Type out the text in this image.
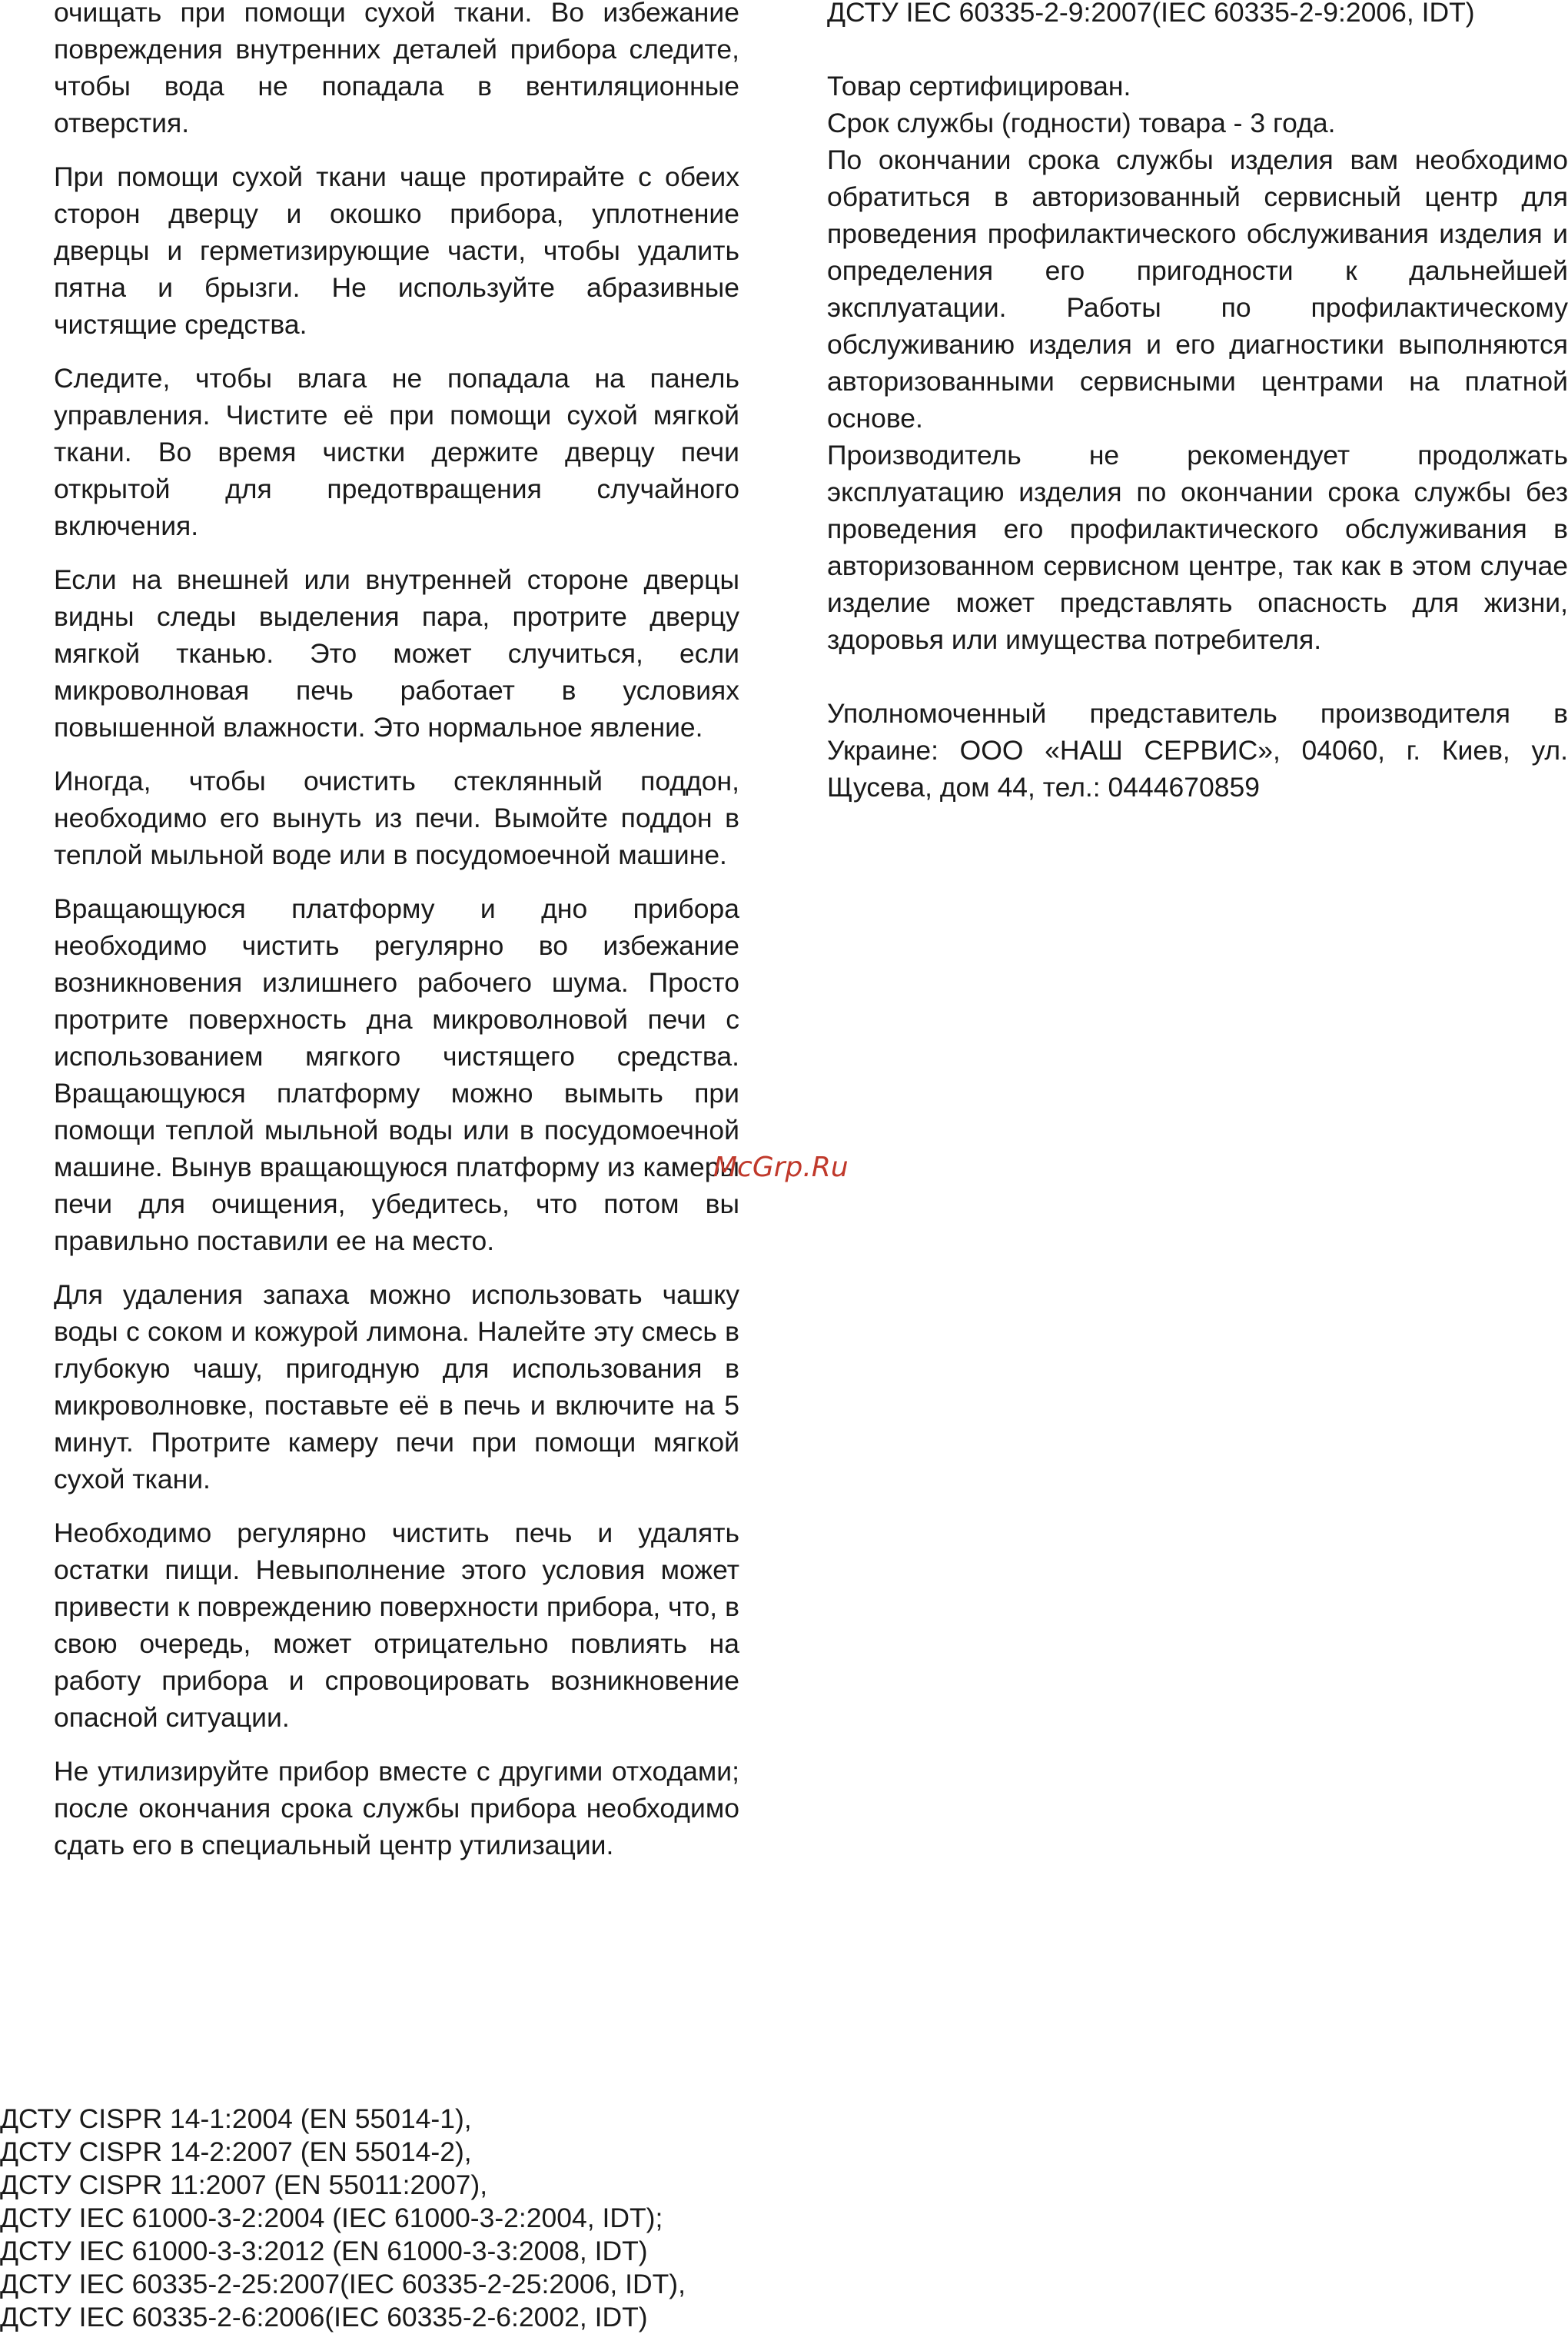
очищать при помощи сухой ткани. Во избежание повреждения внутренних деталей прибора следите, чтобы вода не попадала в вентиляционные отверстия.

При помощи сухой ткани чаще протирайте с обеих сторон дверцу и окошко прибора, уплотнение дверцы и герметизирующие части, чтобы удалить пятна и брызги. Не используйте абразивные чистящие средства.

Следите, чтобы влага не попадала на панель управления. Чистите её при помощи сухой мягкой ткани. Во время чистки держите дверцу печи открытой для предотвращения случайного включения.

Если на внешней или внутренней стороне дверцы видны следы выделения пара, протрите дверцу мягкой тканью. Это может случиться, если микроволновая печь работает в условиях повышенной влажности. Это нормальное явление.

Иногда, чтобы очистить стеклянный поддон, необходимо его вынуть из печи. Вымойте поддон в теплой мыльной воде или в посудомоечной машине.

Вращающуюся платформу и дно прибора необходимо чистить регулярно во избежание возникновения излишнего рабочего шума. Просто протрите поверхность дна микроволновой печи с использованием мягкого чистящего средства. Вращающуюся платформу можно вымыть при помощи теплой мыльной воды или в посудомоечной машине. Вынув вращающуюся платформу из камеры печи для очищения, убедитесь, что потом вы правильно поставили ее на место.

Для удаления запаха можно использовать чашку воды с соком и кожурой лимона. Налейте эту смесь в глубокую чашу, пригодную для использования в микроволновке, поставьте её в печь и включите на 5 минут. Протрите камеру печи при помощи мягкой сухой ткани.

Необходимо регулярно чистить печь и удалять остатки пищи. Невыполнение этого условия может привести к повреждению поверхности прибора, что, в свою очередь, может отрицательно повлиять на работу прибора и спровоцировать возникновение опасной ситуации.

Не утилизируйте прибор вместе с другими отходами; после окончания срока службы прибора необходимо сдать его в специальный центр утилизации.

ДСТУ CISPR 14-1:2004 (EN 55014-1),
ДСТУ CISPR 14-2:2007 (EN 55014-2),
ДСТУ CISPR 11:2007 (EN 55011:2007),
ДСТУ IEC 61000-3-2:2004 (IEC 61000-3-2:2004, IDT);
ДСТУ IEC 61000-3-3:2012 (EN 61000-3-3:2008, IDT)
ДСТУ IEC 60335-2-25:2007(IEC 60335-2-25:2006, IDT),
ДСТУ IEC 60335-2-6:2006(IEC 60335-2-6:2002, IDT)

ДСТУ IEC 60335-2-9:2007(IEC 60335-2-9:2006, IDT)

Товар сертифицирован.

Срок службы (годности) товара - 3 года.

По окончании срока службы изделия вам необходимо обратиться в авторизованный сервисный центр для проведения профилактического обслуживания изделия и определения его пригодности к дальнейшей эксплуатации. Работы по профилактическому обслуживанию изделия и его диагностики выполняются авторизованными сервисными центрами на платной основе.

Производитель не рекомендует продолжать эксплуатацию изделия по окончании срока службы без проведения его профилактического обслуживания в авторизованном сервисном центре, так как в этом случае изделие может представлять опасность для жизни, здоровья или имущества потребителя.

Уполномоченный представитель производителя в Украине: ООО «НАШ СЕРВИС», 04060, г. Киев, ул. Щусева, дом 44, тел.: 0444670859

McGrp.Ru
